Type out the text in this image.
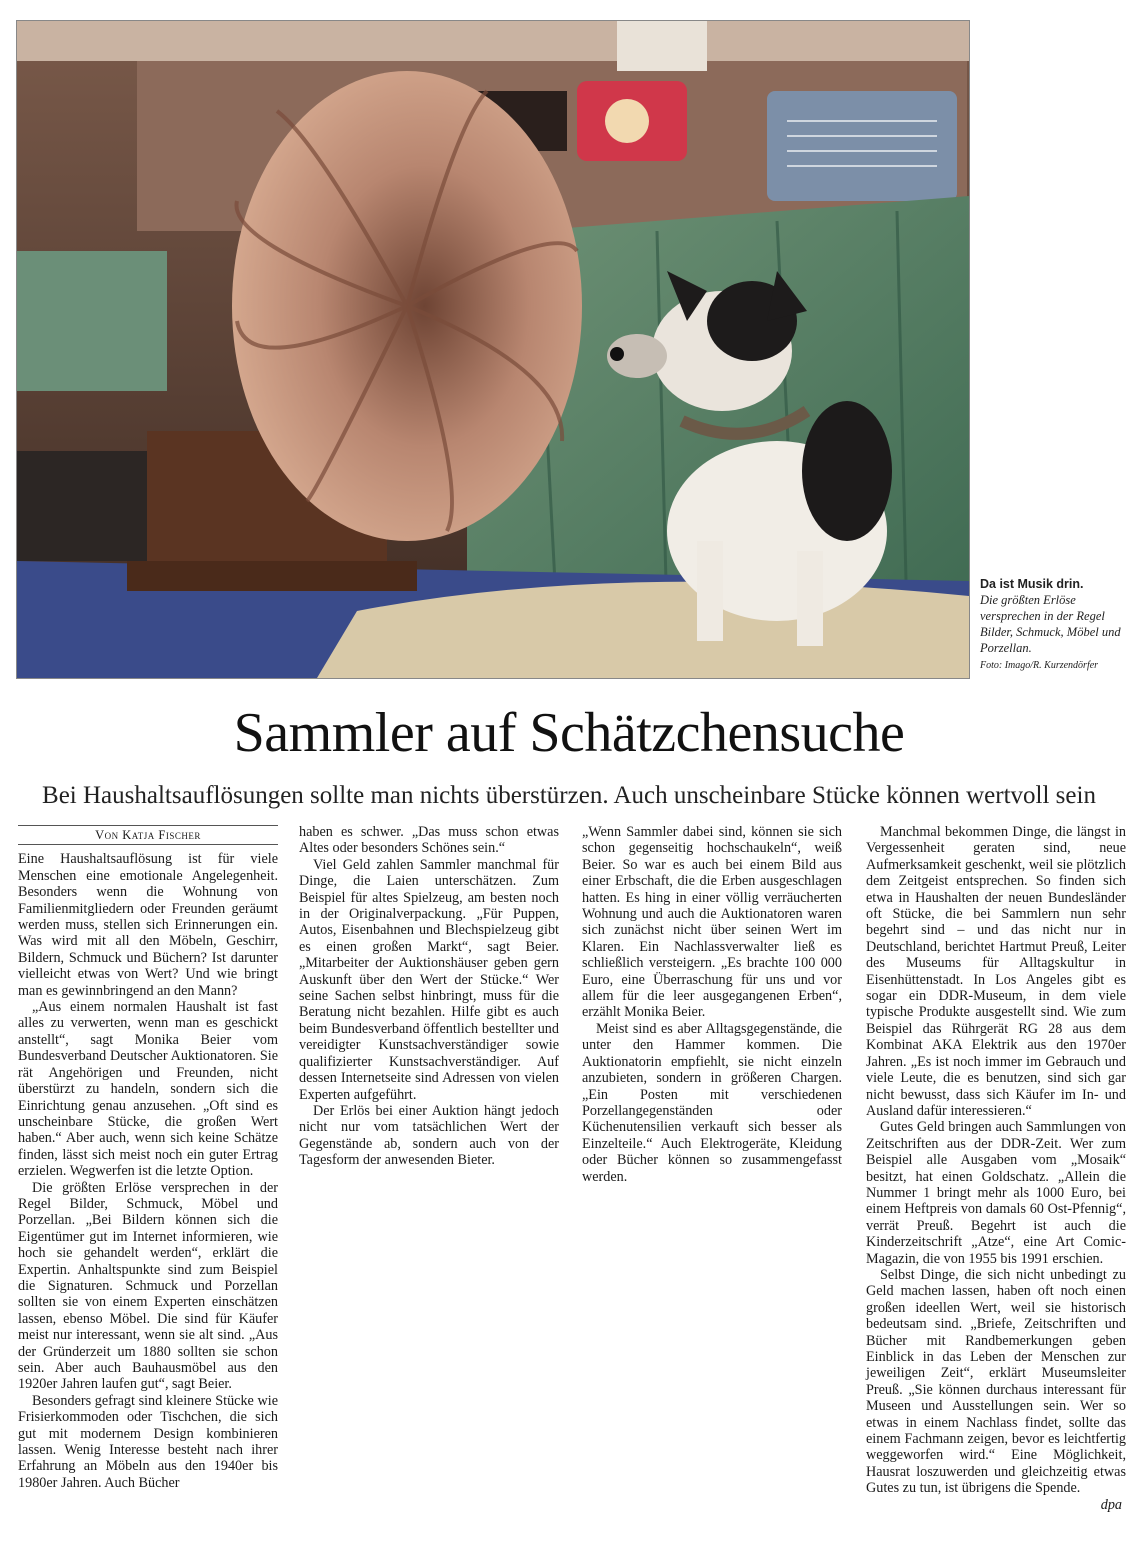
Da ist Musik drin.
Die größten Erlöse versprechen in der Regel Bilder, Schmuck, Möbel und Porzellan.
Foto: Imago/R. Kurzendörfer
Sammler auf Schätzchensuche
Bei Haushaltsauflösungen sollte man nichts überstürzen. Auch unscheinbare Stücke können wertvoll sein
Von Katja Fischer

Eine Haushaltsauflösung ist für viele Menschen eine emotionale Angelegenheit. Besonders wenn die Wohnung von Familienmitgliedern oder Freunden geräumt werden muss, stellen sich Erinnerungen ein. Was wird mit all den Möbeln, Geschirr, Bildern, Schmuck und Büchern? Ist darunter vielleicht etwas von Wert? Und wie bringt man es gewinnbringend an den Mann?

„Aus einem normalen Haushalt ist fast alles zu verwerten, wenn man es geschickt anstellt“, sagt Monika Beier vom Bundesverband Deutscher Auktionatoren. Sie rät Angehörigen und Freunden, nicht überstürzt zu handeln, sondern sich die Einrichtung genau anzusehen. „Oft sind es unscheinbare Stücke, die großen Wert haben.“ Aber auch, wenn sich keine Schätze finden, lässt sich meist noch ein guter Ertrag erzielen. Wegwerfen ist die letzte Option.

Die größten Erlöse versprechen in der Regel Bilder, Schmuck, Möbel und Porzellan. „Bei Bildern können sich die Eigentümer gut im Internet informieren, wie hoch sie gehandelt werden“, erklärt die Expertin. Anhaltspunkte sind zum Beispiel die Signaturen. Schmuck und Porzellan sollten sie von einem Experten einschätzen lassen, ebenso Möbel. Die sind für Käufer meist nur interessant, wenn sie alt sind. „Aus der Gründerzeit um 1880 sollten sie schon sein. Aber auch Bauhausmöbel aus den 1920er Jahren laufen gut“, sagt Beier.

Besonders gefragt sind kleinere Stücke wie Frisierkommoden oder Tischchen, die sich gut mit modernem Design kombinieren lassen. Wenig Interesse besteht nach ihrer Erfahrung an Möbeln aus den 1940er bis 1980er Jahren. Auch Bücher

haben es schwer. „Das muss schon etwas Altes oder besonders Schönes sein.“

Viel Geld zahlen Sammler manchmal für Dinge, die Laien unterschätzen. Zum Beispiel für altes Spielzeug, am besten noch in der Originalverpackung. „Für Puppen, Autos, Eisenbahnen und Blechspielzeug gibt es einen großen Markt“, sagt Beier. „Mitarbeiter der Auktionshäuser geben gern Auskunft über den Wert der Stücke.“ Wer seine Sachen selbst hinbringt, muss für die Beratung nicht bezahlen. Hilfe gibt es auch beim Bundesverband öffentlich bestellter und vereidigter Kunstsachverständiger sowie qualifizierter Kunstsachverständiger. Auf dessen Internetseite sind Adressen von vielen Experten aufgeführt.

Der Erlös bei einer Auktion hängt jedoch nicht nur vom tatsächlichen Wert der Gegenstände ab, sondern auch von der Tagesform der anwesenden Bieter.

„Wenn Sammler dabei sind, können sie sich schon gegenseitig hochschaukeln“, weiß Beier. So war es auch bei einem Bild aus einer Erbschaft, die die Erben ausgeschlagen hatten. Es hing in einer völlig verräucherten Wohnung und auch die Auktionatoren waren sich zunächst nicht über seinen Wert im Klaren. Ein Nachlassverwalter ließ es schließlich versteigern. „Es brachte 100 000 Euro, eine Überraschung für uns und vor allem für die leer ausgegangenen Erben“, erzählt Monika Beier.

Meist sind es aber Alltagsgegenstände, die unter den Hammer kommen. Die Auktionatorin empfiehlt, sie nicht einzeln anzubieten, sondern in größeren Chargen. „Ein Posten mit verschiedenen Porzellangegenständen oder Küchenutensilien verkauft sich besser als Einzelteile.“ Auch Elektrogeräte, Kleidung oder Bücher können so zusammengefasst werden.

Manchmal bekommen Dinge, die längst in Vergessenheit geraten sind, neue Aufmerksamkeit geschenkt, weil sie plötzlich dem Zeitgeist entsprechen. So finden sich etwa in Haushalten der neuen Bundesländer oft Stücke, die bei Sammlern nun sehr begehrt sind – und das nicht nur in Deutschland, berichtet Hartmut Preuß, Leiter des Museums für Alltagskultur in Eisenhüttenstadt. In Los Angeles gibt es sogar ein DDR-Museum, in dem viele typische Produkte ausgestellt sind. Wie zum Beispiel das Rührgerät RG 28 aus dem Kombinat AKA Elektrik aus den 1970er Jahren. „Es ist noch immer im Gebrauch und viele Leute, die es benutzen, sind sich gar nicht bewusst, dass sich Käufer im In- und Ausland dafür interessieren.“

Gutes Geld bringen auch Sammlungen von Zeitschriften aus der DDR-Zeit. Wer zum Beispiel alle Ausgaben vom „Mosaik“ besitzt, hat einen Goldschatz. „Allein die Nummer 1 bringt mehr als 1000 Euro, bei einem Heftpreis von damals 60 Ost-Pfennig“, verrät Preuß. Begehrt ist auch die Kinderzeitschrift „Atze“, eine Art Comic-Magazin, die von 1955 bis 1991 erschien.

Selbst Dinge, die sich nicht unbedingt zu Geld machen lassen, haben oft noch einen großen ideellen Wert, weil sie historisch bedeutsam sind. „Briefe, Zeitschriften und Bücher mit Randbemerkungen geben Einblick in das Leben der Menschen zur jeweiligen Zeit“, erklärt Museumsleiter Preuß. „Sie können durchaus interessant für Museen und Ausstellungen sein. Wer so etwas in einem Nachlass findet, sollte das einem Fachmann zeigen, bevor es leichtfertig weggeworfen wird.“ Eine Möglichkeit, Hausrat loszuwerden und gleichzeitig etwas Gutes zu tun, ist übrigens die Spende.

dpa
